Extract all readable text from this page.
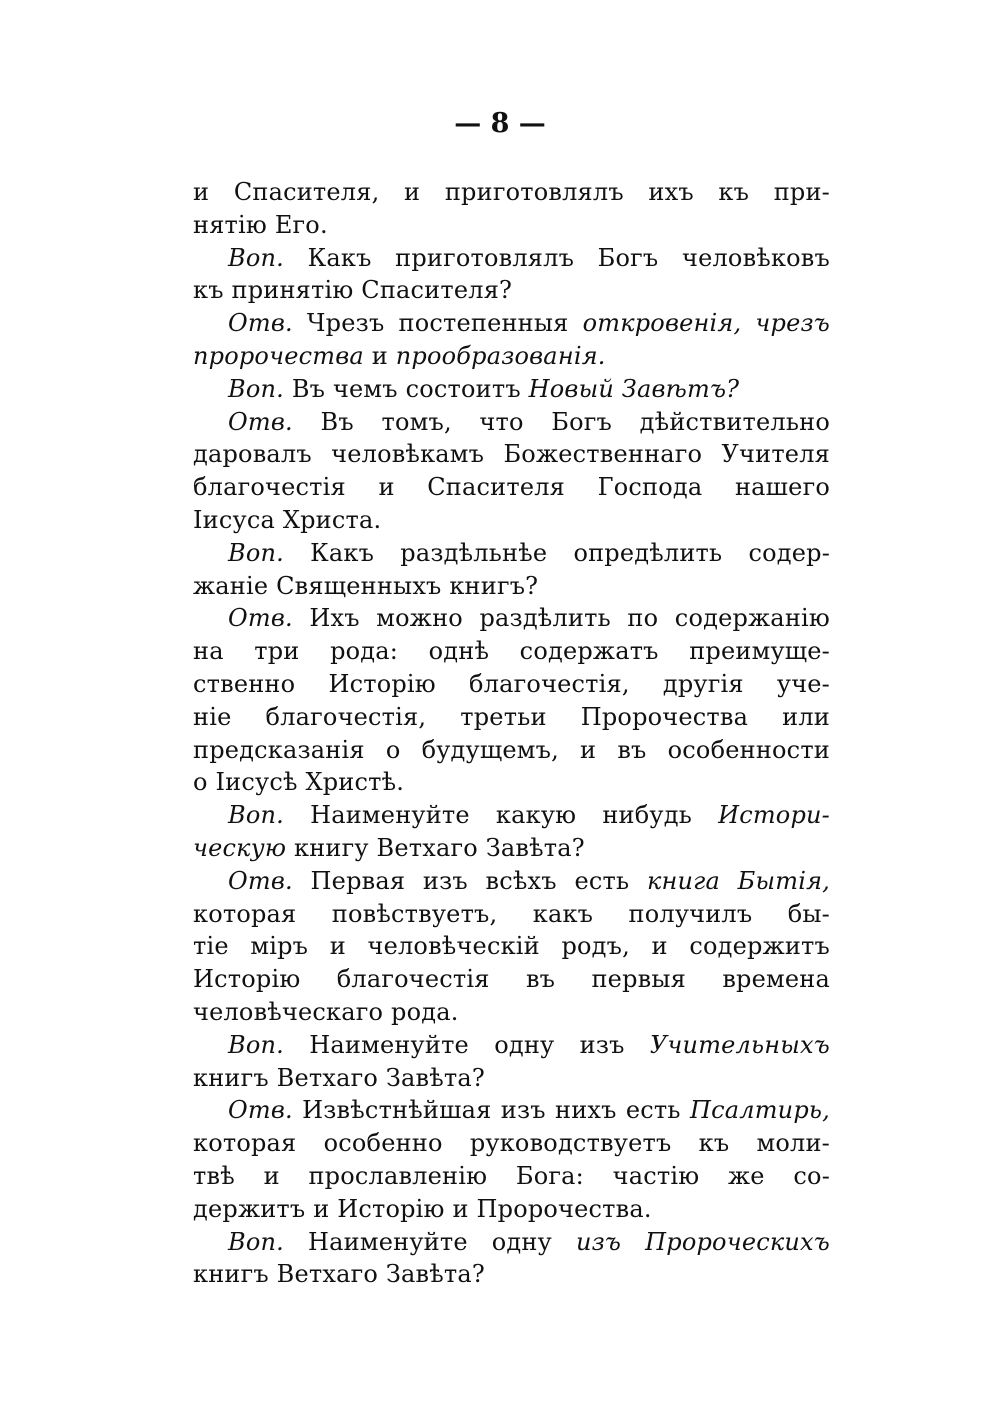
— 8 —
и Спасителя, и приготовлялъ ихъ къ при-
нятію Его.
Воп. Какъ приготовлялъ Богъ человѣковъ
къ принятію Спасителя?
Отв. Чрезъ постепенныя откровенія, чрезъ
пророчества и прообразованія.
Воп. Въ чемъ состоитъ Новый Завѣтъ?
Отв. Въ томъ, что Богъ дѣйствительно
даровалъ человѣкамъ Божественнаго Учителя
благочестія и Спасителя Господа нашего
Іисуса Христа.
Воп. Какъ раздѣльнѣе опредѣлить содер-
жаніе Священныхъ книгъ?
Отв. Ихъ можно раздѣлить по содержанію
на три рода: однѣ содержатъ преимуще-
ственно Исторію благочестія, другія уче-
ніе благочестія, третьи Пророчества или
предсказанія о будущемъ, и въ особенности
о Іисусѣ Христѣ.
Воп. Наименуйте какую нибудь Истори-
ческую книгу Ветхаго Завѣта?
Отв. Первая изъ всѣхъ есть книга Бытія,
которая повѣствуетъ, какъ получилъ бы-
тіе міръ и человѣческій родъ, и содержитъ
Исторію благочестія въ первыя времена
человѣческаго рода.
Воп. Наименуйте одну изъ Учительныхъ
книгъ Ветхаго Завѣта?
Отв. Извѣстнѣйшая изъ нихъ есть Псалтирь,
которая особенно руководствуетъ къ моли-
твѣ и прославленію Бога: частію же со-
держитъ и Исторію и Пророчества.
Воп. Наименуйте одну изъ Пророческихъ
книгъ Ветхаго Завѣта?
